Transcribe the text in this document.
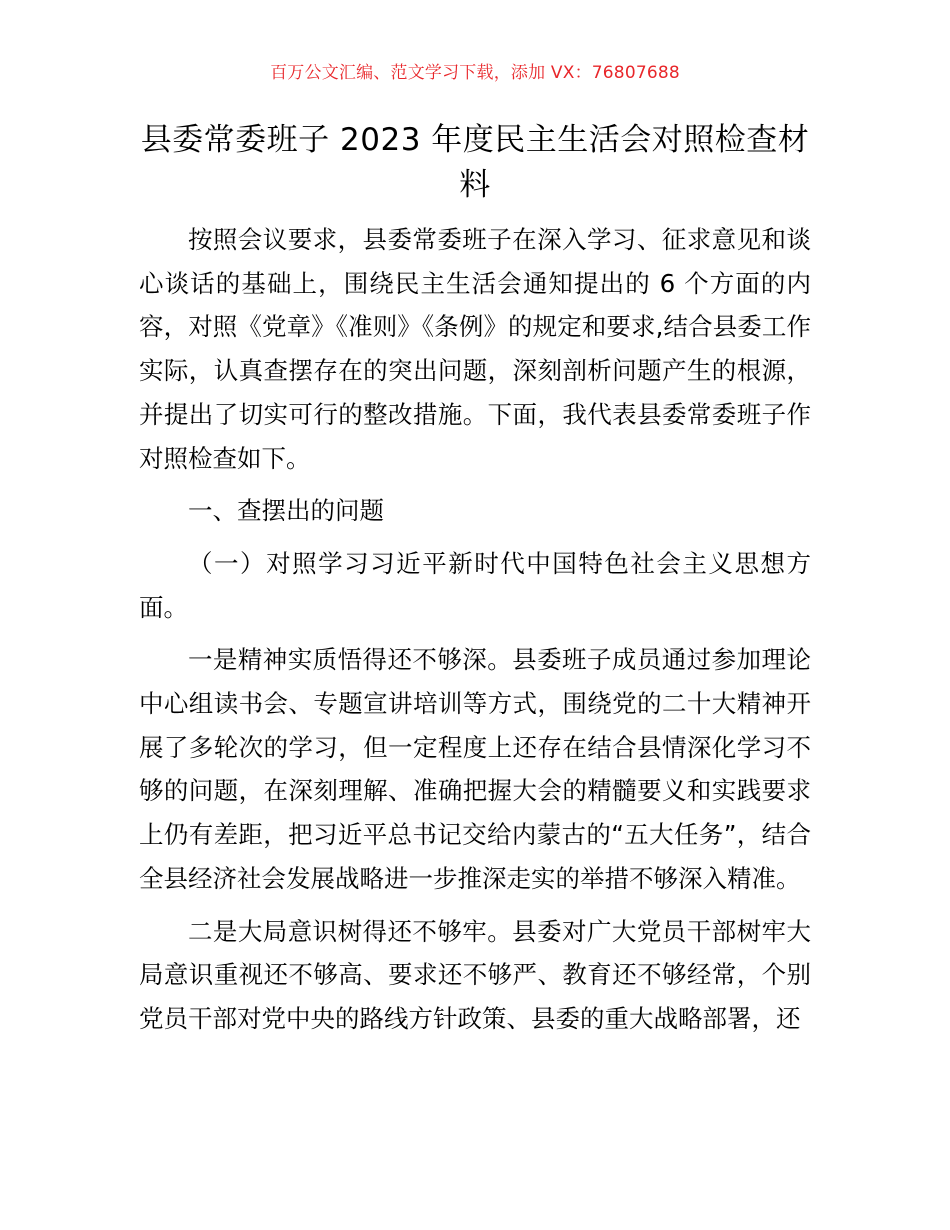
百万公文汇编、范文学习下载，添加 VX：76807688
县委常委班子 2023 年度民主生活会对照检查材料

按照会议要求，县委常委班子在深入学习、征求意见和谈心谈话的基础上，围绕民主生活会通知提出的 6 个方面的内容，对照《党章》《准则》《条例》的规定和要求,结合县委工作实际，认真查摆存在的突出问题，深刻剖析问题产生的根源，并提出了切实可行的整改措施。下面，我代表县委常委班子作对照检查如下。

一、查摆出的问题

（一）对照学习习近平新时代中国特色社会主义思想方面。

一是精神实质悟得还不够深。县委班子成员通过参加理论中心组读书会、专题宣讲培训等方式，围绕党的二十大精神开展了多轮次的学习，但一定程度上还存在结合县情深化学习不够的问题，在深刻理解、准确把握大会的精髓要义和实践要求上仍有差距，把习近平总书记交给内蒙古的“五大任务”，结合全县经济社会发展战略进一步推深走实的举措不够深入精准。

二是大局意识树得还不够牢。县委对广大党员干部树牢大局意识重视还不够高、要求还不够严、教育还不够经常，个别党员干部对党中央的路线方针政策、县委的重大战略部署，还
